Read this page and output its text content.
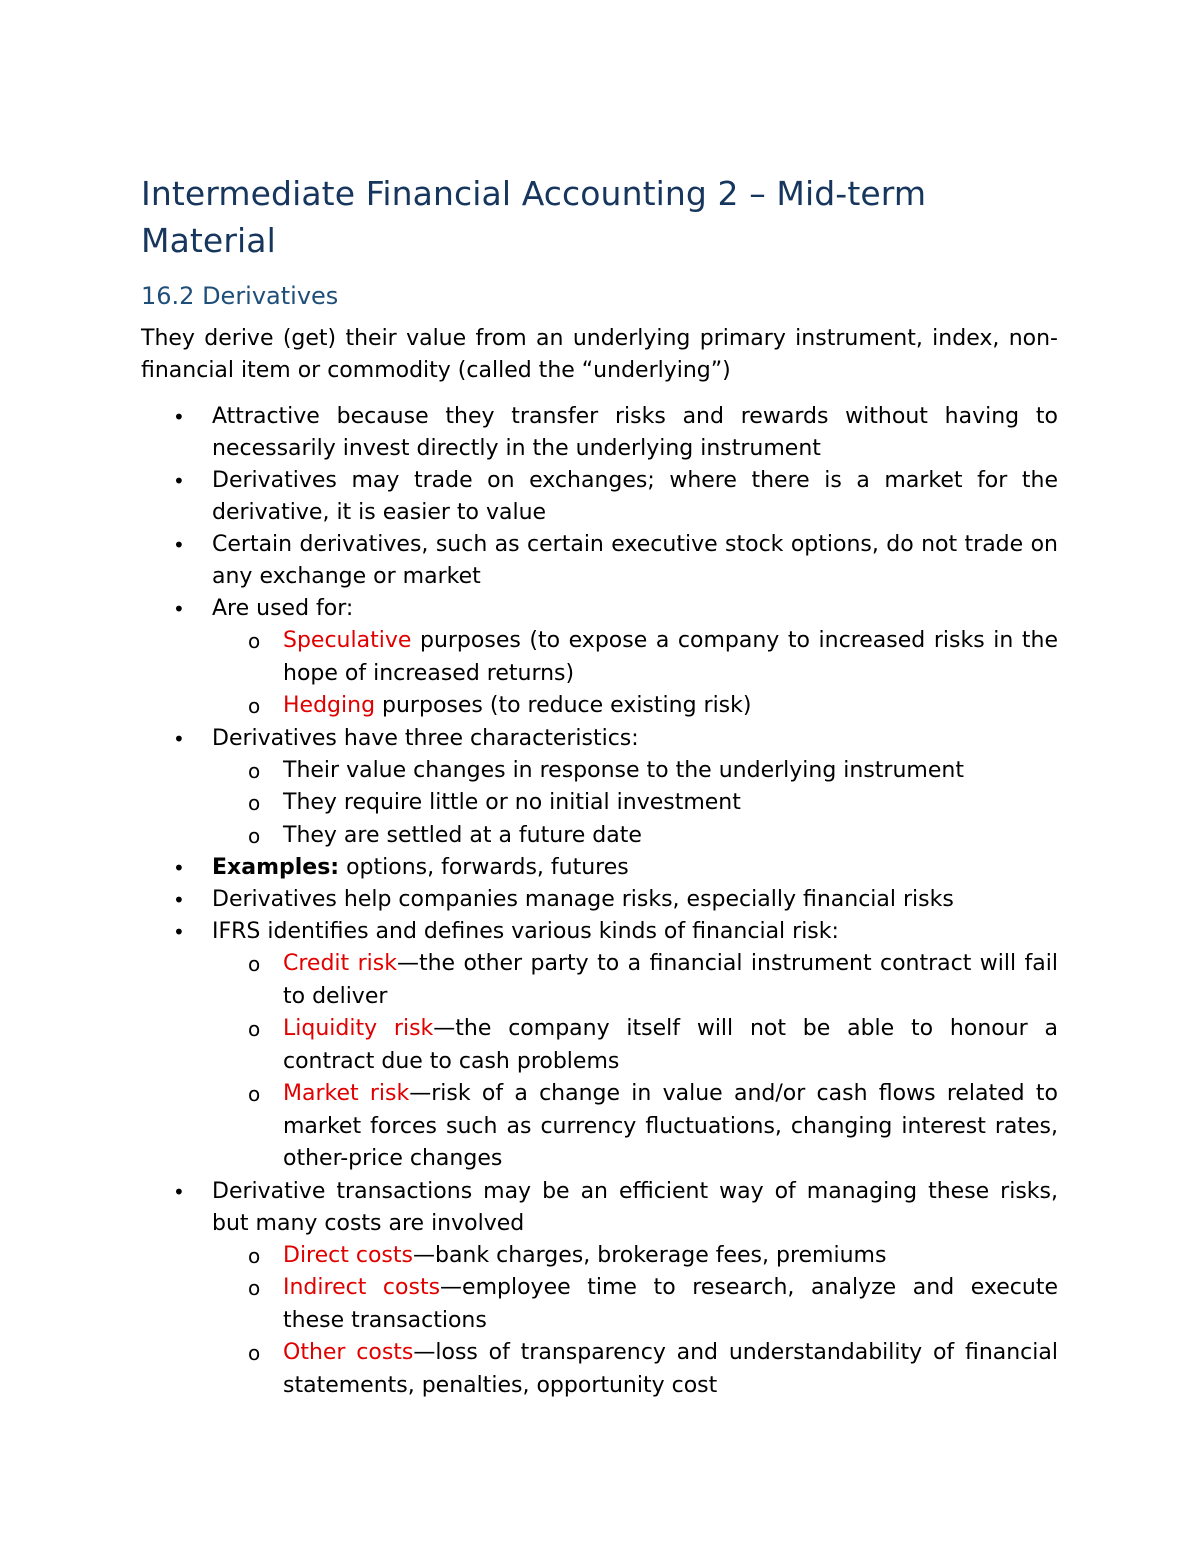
Intermediate Financial Accounting 2 – Mid-term Material
16.2 Derivatives

They derive (get) their value from an underlying primary instrument, index, non-financial item or commodity (called the “underlying”)

•	Attractive because they transfer risks and rewards without having to necessarily invest directly in the underlying instrument
•	Derivatives may trade on exchanges; where there is a market for the derivative, it is easier to value
•	Certain derivatives, such as certain executive stock options, do not trade on any exchange or market
•	Are used for:
o Speculative purposes (to expose a company to increased risks in the hope of increased returns)
o Hedging purposes (to reduce existing risk)
•	Derivatives have three characteristics:
o Their value changes in response to the underlying instrument
o They require little or no initial investment
o They are settled at a future date
•	Examples: options, forwards, futures
•	Derivatives help companies manage risks, especially financial risks
•	IFRS identifies and defines various kinds of financial risk:
o Credit risk—the other party to a financial instrument contract will fail to deliver
o Liquidity risk—the company itself will not be able to honour a contract due to cash problems
o Market risk—risk of a change in value and/or cash flows related to market forces such as currency fluctuations, changing interest rates, other-price changes
•	Derivative transactions may be an efficient way of managing these risks, but many costs are involved
o Direct costs—bank charges, brokerage fees, premiums
o Indirect costs—employee time to research, analyze and execute these transactions
o Other costs—loss of transparency and understandability of financial statements, penalties, opportunity cost
